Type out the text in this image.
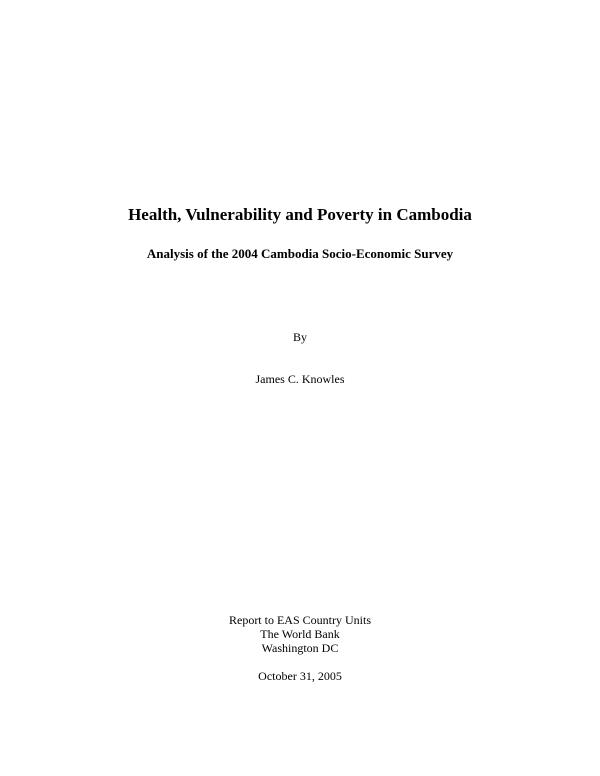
Health, Vulnerability and Poverty in Cambodia
Analysis of the 2004 Cambodia Socio-Economic Survey
By
James C. Knowles
Report to EAS Country Units
The World Bank
Washington DC
October 31, 2005
